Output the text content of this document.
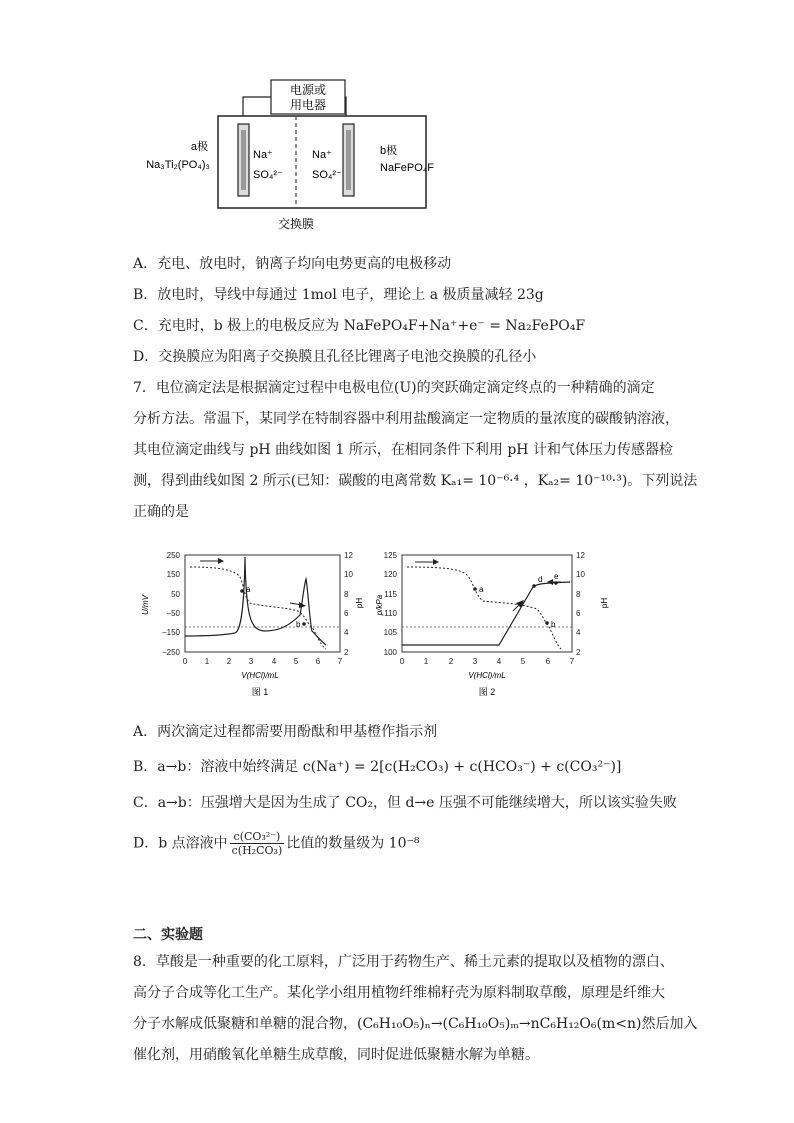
电源或
用电器
a极
Na₃Ti₂(PO₄)₃
b极
NaFePO₄F
Na⁺
SO₄²⁻
Na⁺
SO₄²⁻
交换膜
A．充电、放电时，钠离子均向电势更高的电极移动
B．放电时，导线中每通过 1mol 电子，理论上 a 极质量减轻 23g
C．充电时，b 极上的电极反应为 NaFePO₄F+Na⁺+e⁻ = Na₂FePO₄F
D．交换膜应为阳离子交换膜且孔径比锂离子电池交换膜的孔径小
7．电位滴定法是根据滴定过程中电极电位(U)的突跃确定滴定终点的一种精确的滴定
分析方法。常温下，某同学在特制容器中利用盐酸滴定一定物质的量浓度的碳酸钠溶液，
其电位滴定曲线与 pH 曲线如图 1 所示，在相同条件下利用 pH 计和气体压力传感器检
测，得到曲线如图 2 所示(已知：碳酸的电离常数 Kₐ₁= 10⁻⁶·⁴ ，Kₐ₂= 10⁻¹⁰·³)。下列说法
正确的是
250
150
50
−50
−150
−250
12
10
8
6
4
2
0 1 2 3 4 5 6 7
U/mV	pH
V(HCl)/mL
图 1
a
b
125
120
115
110
105
100
12
10
8
6
4
2
0 1	2 3 4 5	6 7
p/kPa	pH
V(HCl)/mL
图 2
a
b
d e
A．两次滴定过程都需要用酚酞和甲基橙作指示剂
B．a→b：溶液中始终满足 c(Na⁺) = 2[c(H₂CO₃) + c(HCO₃⁻) + c(CO₃²⁻)]
C．a→b：压强增大是因为生成了 CO₂，但 d→e 压强不可能继续增大，所以该实验失败
D．b 点溶液中 $\frac{\text{c(CO₃²⁻)}}{\text{c(H₂CO₃)}}$ 比值的数量级为 10⁻⁸
二、实验题
8．草酸是一种重要的化工原料，广泛用于药物生产、稀土元素的提取以及植物的漂白、
高分子合成等化工生产。某化学小组用植物纤维棉籽壳为原料制取草酸，原理是纤维大
分子水解成低聚糖和单糖的混合物，(C₆H₁₀O₅)ₙ→(C₆H₁₀O₅)ₘ→nC₆H₁₂O₆(m<n)然后加入
催化剂，用硝酸氧化单糖生成草酸，同时促进低聚糖水解为单糖。
